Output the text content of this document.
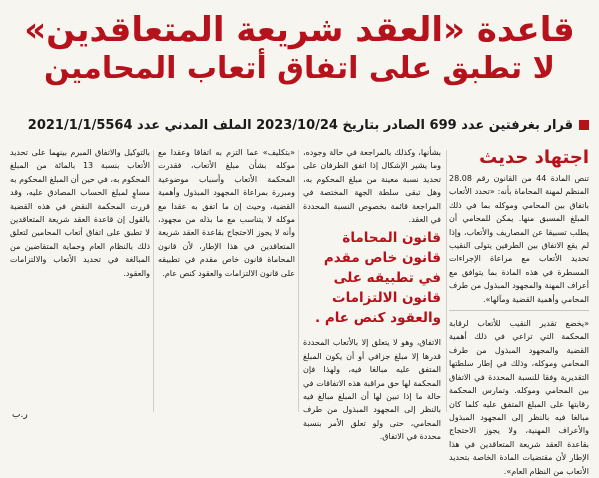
قاعدة «العقد شريعة المتعاقدين»
لا تطبق على اتفاق أتعاب المحامين
قرار بغرفتين عدد 699 الصادر بتاريخ 2023/10/24 الملف المدني عدد 2021/1/1/5564
اجتهاد حديث

تنص المادة 44 من القانون رقم 28.08 المنظم لمهنة المحاماة بأنه: «تحدد الأتعاب باتفاق بين المحامي وموكله بما في ذلك المبلغ المسبق منها. يمكن للمحامي أن يطلب تسبيقا عن المصاريف والأتعاب، وإذا لم يقع الاتفاق بين الطرفين يتولى النقيب تحديد الأتعاب مع مراعاة الإجراءات المسطرة في هذه المادة بما يتوافق مع أعراف المهنة والمجهود المبذول من طرف المحامي وأهمية القضية ومآلها».

«يخضع تقدير النقيب للأتعاب لرقابة المحكمة التي تراعي في ذلك أهمية القضية والمجهود المبذول من طرف المحامي وموكله، وذلك في إطار سلطتها التقديرية وفقا للنسبة المحددة في الاتفاق بين المحامي وموكله. وتمارس المحكمة رقابتها على المبلغ المتفق عليه كلما كان مبالغا فيه بالنظر إلى المجهود المبذول والأعراف المهنية، ولا يجوز الاحتجاج بقاعدة العقد شريعة المتعاقدين في هذا الإطار لأن مقتضيات المادة الخاصة بتحديد الأتعاب من النظام العام».

بشأنها، وكذلك بالمراجعة في حالة وجوده، وما يشير الإشكال إذا اتفق الطرفان على تحديد نسبة معينة من مبلغ المحكوم به، وهل تبقى سلطة الجهة المختصة في المراجعة قائمة بخصوص النسبة المحددة في العقد.

قانون المحاماة قانون خاص مقدم في تطبيقه على قانون الالتزامات والعقود كنص عام .

الاتفاق، وهو لا يتعلق إلا بالأتعاب المحددة قدرها إلا مبلغ جزافي أو أن يكون المبلغ المتفق عليه مبالغا فيه، ولهذا فإن المحكمة لها حق مراقبة هذه الاتفاقات في حالة ما إذا تبين لها أن المبلغ مبالغ فيه بالنظر إلى المجهود المبذول من طرف المحامي، حتى ولو تعلق الأمر بنسبة محددة في الاتفاق.

«بتكليف» عما التزم به اتفاقا وعقدا مع موكله بشأن مبلغ الأتعاب، فقدرت المحكمة الأتعاب وأسباب موضوعية ومبررة بمراعاة المجهود المبذول وأهمية القضية، وحيث إن ما اتفق به عقدا مع موكله لا يتناسب مع ما بذله من مجهود، وأنه لا يجوز الاحتجاج بقاعدة العقد شريعة المتعاقدين في هذا الإطار، لأن قانون المحاماة قانون خاص مقدم في تطبيقه على قانون الالتزامات والعقود كنص عام.

بالتوكيل والاتفاق المبرم بينهما على تحديد الأتعاب بنسبة 13 بالمائة من المبلغ المحكوم به، في حين أن المبلغ المحكوم به مساوٍ لمبلغ الحساب المصادق عليه، وقد قررت المحكمة النقض في هذه القضية بالقول إن قاعدة العقد شريعة المتعاقدين لا تطبق على اتفاق أتعاب المحامين لتعلق ذلك بالنظام العام وحماية المتقاضين من المبالغة في تحديد الأتعاب والالتزامات والعقود.

ر.ب
